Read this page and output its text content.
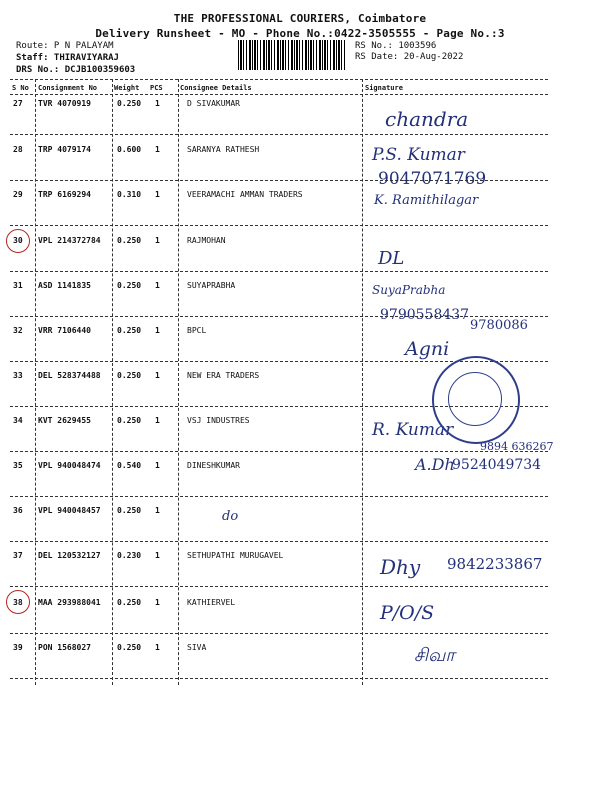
THE PROFESSIONAL COURIERS, Coimbatore
Delivery Runsheet - MO - Phone No.:0422-3505555 - Page No.:3
Route: P N PALAYAM
Staff: THIRAVIYARAJ
DRS No.: DCJB100359603
RS No.: 1003596
RS Date: 20-Aug-2022
S No Consignment No Weight PCS Consignee Details	Signature
27 TVR 4070919	0.250 1	D SIVAKUMAR
chandra
28 TRP 4079174	0.600 1	SARANYA RATHESH	P.S. Kumar
9047071769
29 TRP 6169294	0.310 1	VEERAMACHI AMMAN TRADERS	K. Ramithilagar
30 VPL 214372784 0.250 1	RAJMOHAN
DL
31 ASD 1141835	0.250 1	SUYAPRABHA	SuyaPrabha
9790558437
32 VRR 7106440	0.250 1	BPCL
Agni
9780086
33 DEL 528374488 0.250 1	NEW ERA TRADERS
34 KVT 2629455	0.250 1	VSJ INDUSTRES	R. Kumar
9894 636267
35 VPL 940048474 0.540 1	DINESHKUMAR	A.Dh
9524049734
36 VPL 940048457 0.250 1	do
37 DEL 120532127 0.230 1	SETHUPATHI MURUGAVEL	Dhy 9842233867
38 MAA 293988041 0.250 1	KATHIERVEL	P/O/S
39 PON 1568027	0.250 1	SIVA	சிவா
